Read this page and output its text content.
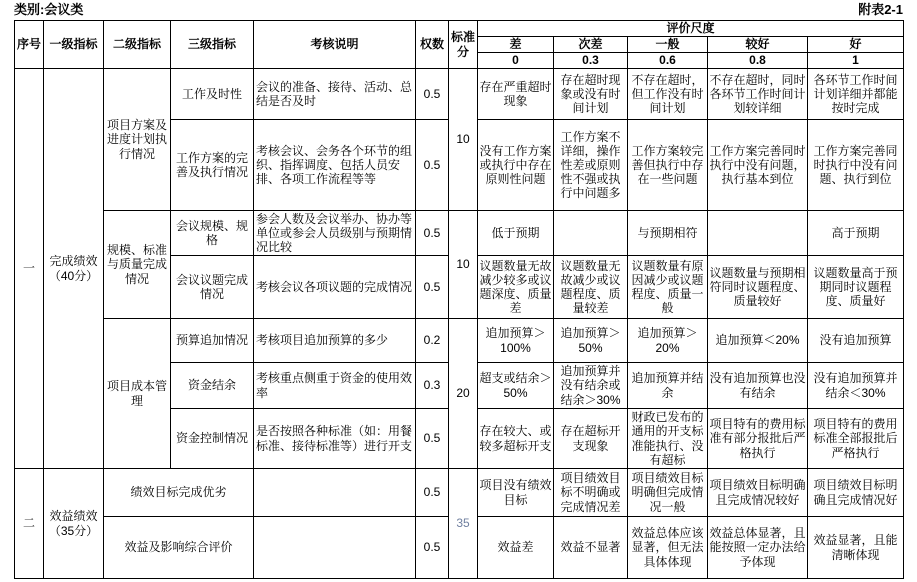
类别:会议类	附表2-1
序号	一级指标	二级指标	三级指标	考核说明	权数	标准分	评价尺度				
							差	次差	一般	较好	好
							0	0.3	0.6	0.8	1
一	完成绩效（40分）	项目方案及进度计划执行情况	工作及时性	会议的准备、接待、活动、总结是否及时	0.5	10	存在严重超时现象	存在超时现象或没有时间计划	不存在超时，但工作没有时间计划	不存在超时，同时各环节工作时间计划较详细	各环节工作时间计划详细并都能按时完成
			工作方案的完善及执行情况	考核会议、会务各个环节的组织、指挥调度、包括人员安排、各项工作流程等等	0.5		没有工作方案或执行中存在原则性问题	工作方案不详细，操作性差或原则性不强或执行中问题多	工作方案较完善但执行中存在一些问题	工作方案完善同时执行中没有问题，执行基本到位	工作方案完善同时执行中没有问题、执行到位
		规模、标准与质量完成情况	会议规模、规格	参会人数及会议举办、协办等单位或参会人员级别与预期情况比较	0.5	10	低于预期		与预期相符		高于预期
			会议议题完成情况	考核会议各项议题的完成情况	0.5		议题数量无故减少较多或议题深度、质量差	议题数量无故减少或议题程度、质量较差	议题数量有原因减少或议题程度、质量一般	议题数量与预期相符同时议题程度、质量较好	议题数量高于预期同时议题程度、质量好
		项目成本管理	预算追加情况	考核项目追加预算的多少	0.2	20	追加预算＞100%	追加预算＞50%	追加预算＞20%	追加预算＜20%	没有追加预算
			资金结余	考核重点侧重于资金的使用效率	0.3		超支或结余＞50%	追加预算并没有结余或结余＞30%	追加预算并结余	没有追加预算也没有结余	没有追加预算并结余＜30%
			资金控制情况	是否按照各种标准（如：用餐标准、接待标准等）进行开支	0.5		存在较大、或较多超标开支	存在超标开支现象	财政已发布的通用的开支标准能执行、没有超标	项目特有的费用标准有部分报批后严格执行	项目特有的费用标准全部报批后严格执行
二	效益绩效（35分）	绩效目标完成优劣			0.5	35	项目没有绩效目标	项目绩效目标不明确或完成情况差	项目绩效目标明确但完成情况一般	项目绩效目标明确且完成情况较好	项目绩效目标明确且完成情况好
		效益及影响综合评价			0.5		效益差	效益不显著	效益总体应该显著，但无法具体体现	效益总体显著，且能按照一定办法给予体现	效益显著，且能清晰体现
